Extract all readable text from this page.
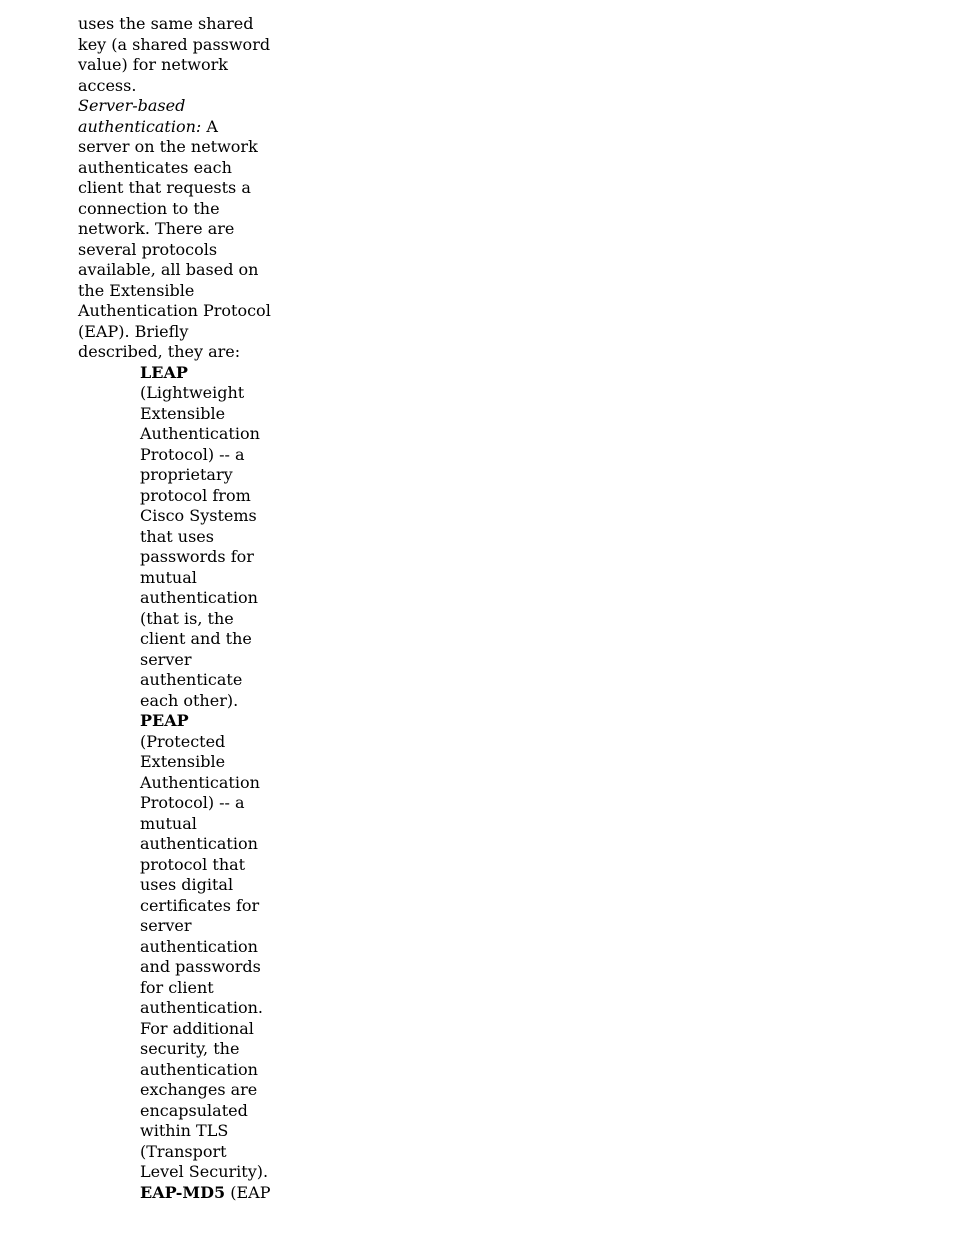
uses the same shared key (a shared password value) for network access.

Server-based authentication: A server on the network authenticates each client that requests a connection to the network. There are several protocols available, all based on the Extensible Authentication Protocol (EAP). Briefly described, they are:

LEAP (Lightweight Extensible Authentication Protocol) -- a proprietary protocol from Cisco Systems that uses passwords for mutual authentication (that is, the client and the server authenticate each other).
PEAP (Protected Extensible Authentication Protocol) -- a mutual authentication protocol that uses digital certificates for server authentication and passwords for client authentication. For additional security, the authentication exchanges are encapsulated within TLS (Transport Level Security).
EAP-MD5 (EAP
